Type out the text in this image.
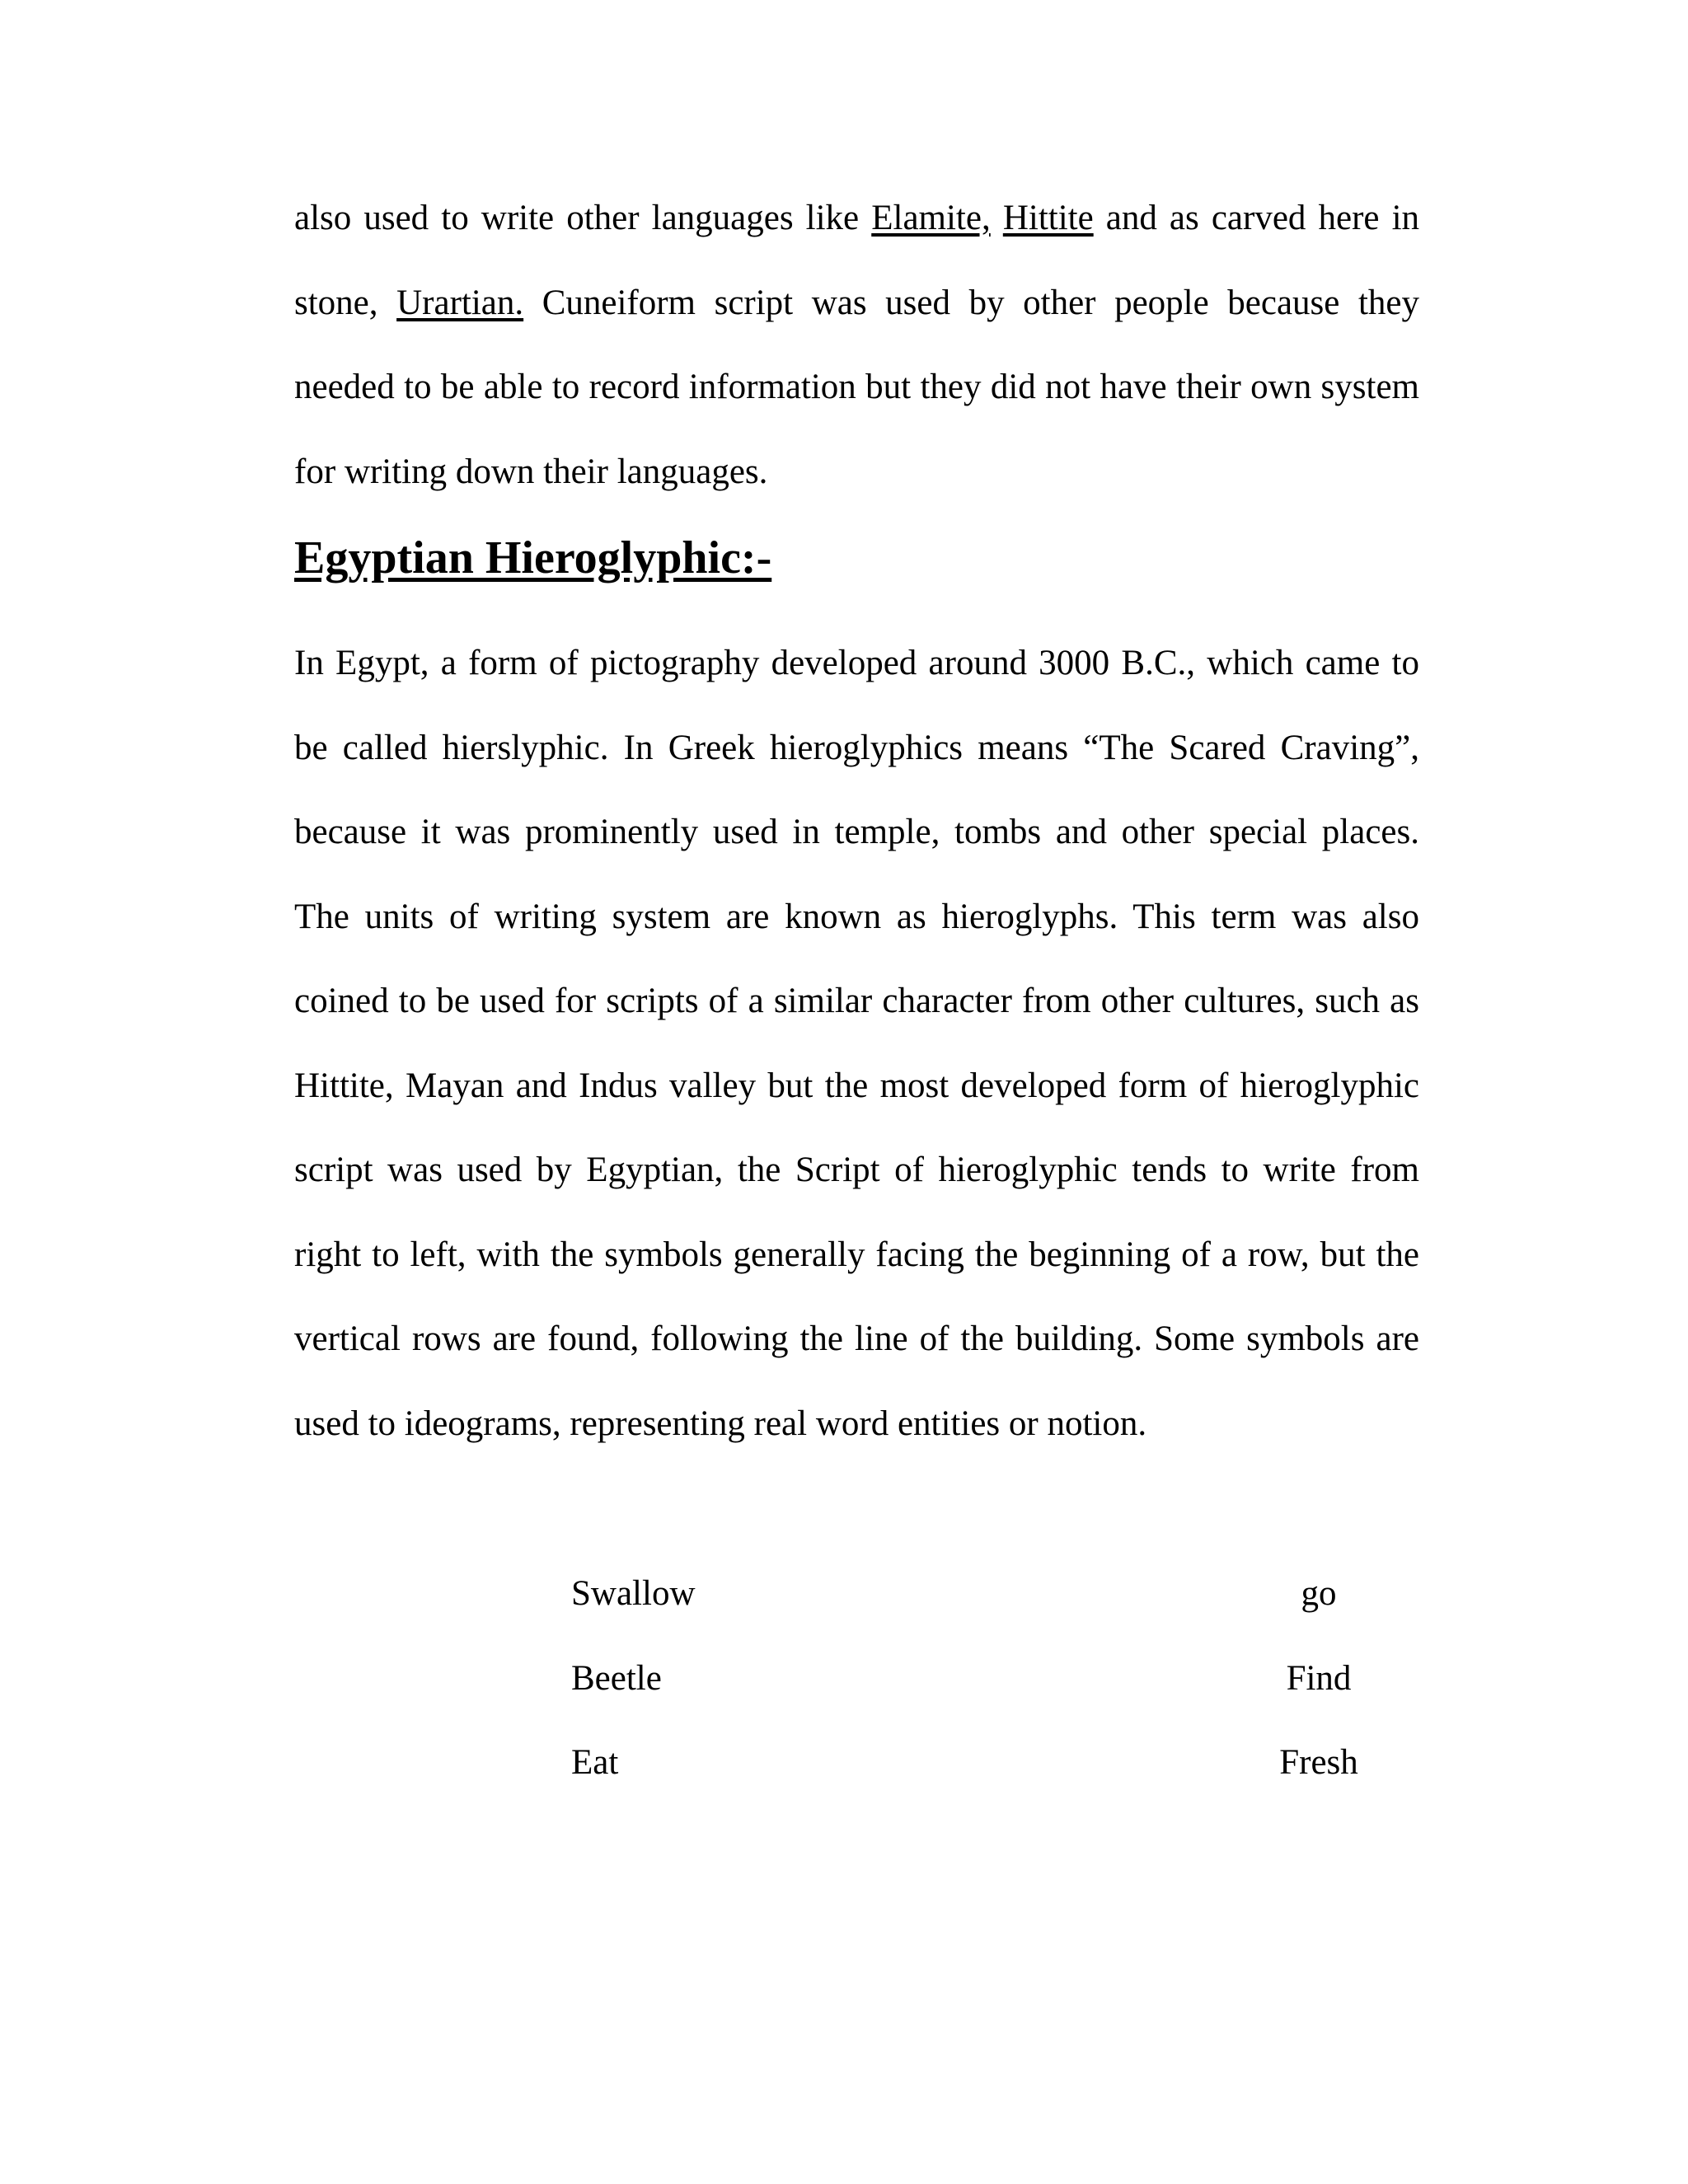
also used to write other languages like Elamite, Hittite and as carved here in stone, Urartian. Cuneiform script was used by other people because they needed to be able to record information but they did not have their own system for writing down their languages.

Egyptian Hieroglyphic:-

In Egypt, a form of pictography developed around 3000 B.C., which came to be called hierslyphic. In Greek hieroglyphics means “The Scared Craving”, because it was prominently used in temple, tombs and other special places. The units of writing system are known as hieroglyphs. This term was also coined to be used for scripts of a similar character from other cultures, such as Hittite, Mayan and Indus valley but the most developed form of hieroglyphic script was used by Egyptian, the Script of hieroglyphic tends to write from right to left, with the symbols generally facing the beginning of a row, but the vertical rows are found, following the line of the building. Some symbols are used to ideograms, representing real word entities or notion.

Swallow	go
Beetle	Find
Eat	Fresh
